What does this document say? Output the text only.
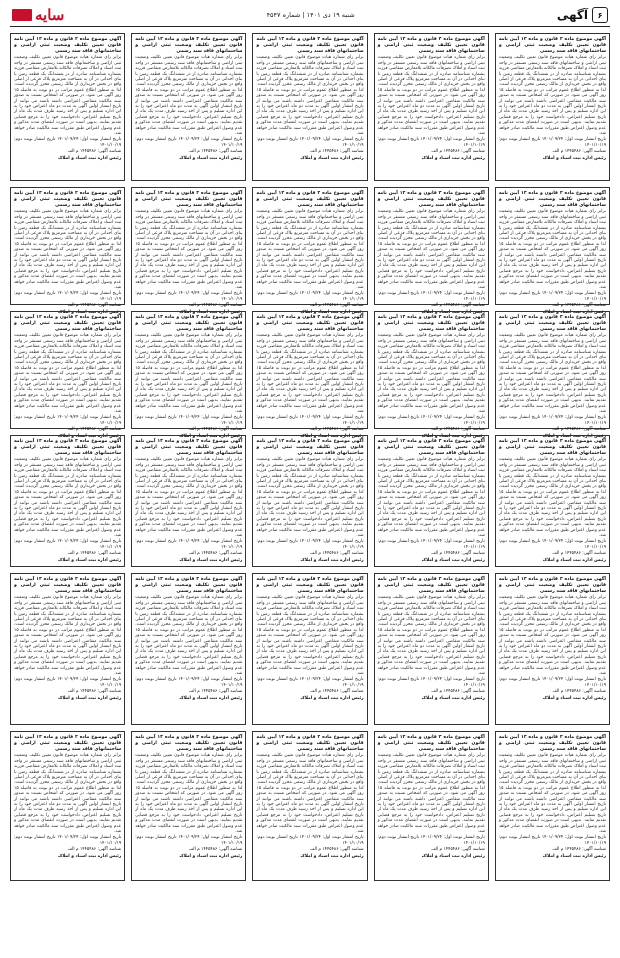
۶
آگهی
شنبه ۱۹ دی ۱۴۰۱ | شماره ۴۵۴۷
سایه
آگهی موضوع ماده ۳ قانون و ماده ۱۳ آیین نامه قانون تعیین تکلیف وضعیت ثبتی اراضی و ساختمانهای فاقد سند رسمی
برابر رای شماره هیات موضوع قانون تعیین تکلیف وضعیت ثبتی اراضی و ساختمانهای فاقد سند رسمی مستقر در واحد ثبت اسناد و املاک تصرفات مالکانه بلامعارض متقاضی فرزند بشماره شناسنامه صادره از در ششدانگ یک قطعه زمین با بنای احداثی در آن به مساحت مترمربع پلاک فرعی از اصلی واقع در بخش خریداری از مالک رسمی محرز گردیده است. لذا به منظور اطلاع عموم مراتب در دو نوبت به فاصله ۱۵ روز آگهی می شود. در صورتی که اشخاص نسبت به صدور سند مالکیت متقاضی اعتراضی داشته باشند می توانند از تاریخ انتشار اولین آگهی به مدت دو ماه اعتراض خود را به این اداره تسلیم و پس از اخذ رسید ظرف مدت یک ماه از تاریخ تسلیم اعتراض، دادخواست خود را به مرجع قضایی تقدیم نمایند. بدیهی است در صورت انقضای مدت مذکور و عدم وصول اعتراض طبق مقررات سند مالکیت صادر خواهد شد.
تاریخ انتشار نوبت اول: ۱۴۰۱/۰۹/۲۴ تاریخ انتشار نوبت دوم: ۱۴۰۱/۱۰/۱۹
شناسه آگهی: ۱۴۴۵۴۸۶ م الف
رئیس اداره ثبت اسناد و املاک
آگهی موضوع ماده ۳ قانون و ماده ۱۳ آیین نامه قانون تعیین تکلیف وضعیت ثبتی اراضی و ساختمانهای فاقد سند رسمی
برابر رای شماره هیات موضوع قانون تعیین تکلیف وضعیت ثبتی اراضی و ساختمانهای فاقد سند رسمی مستقر در واحد ثبت اسناد و املاک تصرفات مالکانه بلامعارض متقاضی فرزند بشماره شناسنامه صادره از در ششدانگ یک قطعه زمین با بنای احداثی در آن به مساحت مترمربع پلاک فرعی از اصلی واقع در بخش خریداری از مالک رسمی محرز گردیده است. لذا به منظور اطلاع عموم مراتب در دو نوبت به فاصله ۱۵ روز آگهی می شود. در صورتی که اشخاص نسبت به صدور سند مالکیت متقاضی اعتراضی داشته باشند می توانند از تاریخ انتشار اولین آگهی به مدت دو ماه اعتراض خود را به این اداره تسلیم و پس از اخذ رسید ظرف مدت یک ماه از تاریخ تسلیم اعتراض، دادخواست خود را به مرجع قضایی تقدیم نمایند. بدیهی است در صورت انقضای مدت مذکور و عدم وصول اعتراض طبق مقررات سند مالکیت صادر خواهد شد.
تاریخ انتشار نوبت اول: ۱۴۰۱/۰۹/۲۴ تاریخ انتشار نوبت دوم: ۱۴۰۱/۱۰/۱۹
شناسه آگهی: ۱۴۴۵۴۸۶ م الف
رئیس اداره ثبت اسناد و املاک
آگهی موضوع ماده ۳ قانون و ماده ۱۳ آیین نامه قانون تعیین تکلیف وضعیت ثبتی اراضی و ساختمانهای فاقد سند رسمی
برابر رای شماره هیات موضوع قانون تعیین تکلیف وضعیت ثبتی اراضی و ساختمانهای فاقد سند رسمی مستقر در واحد ثبت اسناد و املاک تصرفات مالکانه بلامعارض متقاضی فرزند بشماره شناسنامه صادره از در ششدانگ یک قطعه زمین با بنای احداثی در آن به مساحت مترمربع پلاک فرعی از اصلی واقع در بخش خریداری از مالک رسمی محرز گردیده است. لذا به منظور اطلاع عموم مراتب در دو نوبت به فاصله ۱۵ روز آگهی می شود. در صورتی که اشخاص نسبت به صدور سند مالکیت متقاضی اعتراضی داشته باشند می توانند از تاریخ انتشار اولین آگهی به مدت دو ماه اعتراض خود را به این اداره تسلیم و پس از اخذ رسید ظرف مدت یک ماه از تاریخ تسلیم اعتراض، دادخواست خود را به مرجع قضایی تقدیم نمایند. بدیهی است در صورت انقضای مدت مذکور و عدم وصول اعتراض طبق مقررات سند مالکیت صادر خواهد شد.
تاریخ انتشار نوبت اول: ۱۴۰۱/۰۹/۲۴ تاریخ انتشار نوبت دوم: ۱۴۰۱/۱۰/۱۹
شناسه آگهی: ۱۴۴۵۴۸۶ م الف
رئیس اداره ثبت اسناد و املاک
آگهی موضوع ماده ۳ قانون و ماده ۱۳ آیین نامه قانون تعیین تکلیف وضعیت ثبتی اراضی و ساختمانهای فاقد سند رسمی
برابر رای شماره هیات موضوع قانون تعیین تکلیف وضعیت ثبتی اراضی و ساختمانهای فاقد سند رسمی مستقر در واحد ثبت اسناد و املاک تصرفات مالکانه بلامعارض متقاضی فرزند بشماره شناسنامه صادره از در ششدانگ یک قطعه زمین با بنای احداثی در آن به مساحت مترمربع پلاک فرعی از اصلی واقع در بخش خریداری از مالک رسمی محرز گردیده است. لذا به منظور اطلاع عموم مراتب در دو نوبت به فاصله ۱۵ روز آگهی می شود. در صورتی که اشخاص نسبت به صدور سند مالکیت متقاضی اعتراضی داشته باشند می توانند از تاریخ انتشار اولین آگهی به مدت دو ماه اعتراض خود را به این اداره تسلیم و پس از اخذ رسید ظرف مدت یک ماه از تاریخ تسلیم اعتراض، دادخواست خود را به مرجع قضایی تقدیم نمایند. بدیهی است در صورت انقضای مدت مذکور و عدم وصول اعتراض طبق مقررات سند مالکیت صادر خواهد شد.
تاریخ انتشار نوبت اول: ۱۴۰۱/۰۹/۲۴ تاریخ انتشار نوبت دوم: ۱۴۰۱/۱۰/۱۹
شناسه آگهی: ۱۴۴۵۴۸۶ م الف
رئیس اداره ثبت اسناد و املاک
آگهی موضوع ماده ۳ قانون و ماده ۱۳ آیین نامه قانون تعیین تکلیف وضعیت ثبتی اراضی و ساختمانهای فاقد سند رسمی
برابر رای شماره هیات موضوع قانون تعیین تکلیف وضعیت ثبتی اراضی و ساختمانهای فاقد سند رسمی مستقر در واحد ثبت اسناد و املاک تصرفات مالکانه بلامعارض متقاضی فرزند بشماره شناسنامه صادره از در ششدانگ یک قطعه زمین با بنای احداثی در آن به مساحت مترمربع پلاک فرعی از اصلی واقع در بخش خریداری از مالک رسمی محرز گردیده است. لذا به منظور اطلاع عموم مراتب در دو نوبت به فاصله ۱۵ روز آگهی می شود. در صورتی که اشخاص نسبت به صدور سند مالکیت متقاضی اعتراضی داشته باشند می توانند از تاریخ انتشار اولین آگهی به مدت دو ماه اعتراض خود را به این اداره تسلیم و پس از اخذ رسید ظرف مدت یک ماه از تاریخ تسلیم اعتراض، دادخواست خود را به مرجع قضایی تقدیم نمایند. بدیهی است در صورت انقضای مدت مذکور و عدم وصول اعتراض طبق مقررات سند مالکیت صادر خواهد شد.
تاریخ انتشار نوبت اول: ۱۴۰۱/۰۹/۲۴ تاریخ انتشار نوبت دوم: ۱۴۰۱/۱۰/۱۹
شناسه آگهی: ۱۴۴۵۴۸۶ م الف
رئیس اداره ثبت اسناد و املاک
آگهی موضوع ماده ۳ قانون و ماده ۱۳ آیین نامه قانون تعیین تکلیف وضعیت ثبتی اراضی و ساختمانهای فاقد سند رسمی
برابر رای شماره هیات موضوع قانون تعیین تکلیف وضعیت ثبتی اراضی و ساختمانهای فاقد سند رسمی مستقر در واحد ثبت اسناد و املاک تصرفات مالکانه بلامعارض متقاضی فرزند بشماره شناسنامه صادره از در ششدانگ یک قطعه زمین با بنای احداثی در آن به مساحت مترمربع پلاک فرعی از اصلی واقع در بخش خریداری از مالک رسمی محرز گردیده است. لذا به منظور اطلاع عموم مراتب در دو نوبت به فاصله ۱۵ روز آگهی می شود. در صورتی که اشخاص نسبت به صدور سند مالکیت متقاضی اعتراضی داشته باشند می توانند از تاریخ انتشار اولین آگهی به مدت دو ماه اعتراض خود را به این اداره تسلیم و پس از اخذ رسید ظرف مدت یک ماه از تاریخ تسلیم اعتراض، دادخواست خود را به مرجع قضایی تقدیم نمایند. بدیهی است در صورت انقضای مدت مذکور و عدم وصول اعتراض طبق مقررات سند مالکیت صادر خواهد شد.
تاریخ انتشار نوبت اول: ۱۴۰۱/۰۹/۲۴ تاریخ انتشار نوبت دوم: ۱۴۰۱/۱۰/۱۹
شناسه آگهی: ۱۴۴۵۴۸۶ م الف
رئیس اداره ثبت اسناد و املاک
آگهی موضوع ماده ۳ قانون و ماده ۱۳ آیین نامه قانون تعیین تکلیف وضعیت ثبتی اراضی و ساختمانهای فاقد سند رسمی
برابر رای شماره هیات موضوع قانون تعیین تکلیف وضعیت ثبتی اراضی و ساختمانهای فاقد سند رسمی مستقر در واحد ثبت اسناد و املاک تصرفات مالکانه بلامعارض متقاضی فرزند بشماره شناسنامه صادره از در ششدانگ یک قطعه زمین با بنای احداثی در آن به مساحت مترمربع پلاک فرعی از اصلی واقع در بخش خریداری از مالک رسمی محرز گردیده است. لذا به منظور اطلاع عموم مراتب در دو نوبت به فاصله ۱۵ روز آگهی می شود. در صورتی که اشخاص نسبت به صدور سند مالکیت متقاضی اعتراضی داشته باشند می توانند از تاریخ انتشار اولین آگهی به مدت دو ماه اعتراض خود را به این اداره تسلیم و پس از اخذ رسید ظرف مدت یک ماه از تاریخ تسلیم اعتراض، دادخواست خود را به مرجع قضایی تقدیم نمایند. بدیهی است در صورت انقضای مدت مذکور و عدم وصول اعتراض طبق مقررات سند مالکیت صادر خواهد شد.
تاریخ انتشار نوبت اول: ۱۴۰۱/۰۹/۲۴ تاریخ انتشار نوبت دوم: ۱۴۰۱/۱۰/۱۹
شناسه آگهی: ۱۴۴۵۴۸۶ م الف
رئیس اداره ثبت اسناد و املاک
آگهی موضوع ماده ۳ قانون و ماده ۱۳ آیین نامه قانون تعیین تکلیف وضعیت ثبتی اراضی و ساختمانهای فاقد سند رسمی
برابر رای شماره هیات موضوع قانون تعیین تکلیف وضعیت ثبتی اراضی و ساختمانهای فاقد سند رسمی مستقر در واحد ثبت اسناد و املاک تصرفات مالکانه بلامعارض متقاضی فرزند بشماره شناسنامه صادره از در ششدانگ یک قطعه زمین با بنای احداثی در آن به مساحت مترمربع پلاک فرعی از اصلی واقع در بخش خریداری از مالک رسمی محرز گردیده است. لذا به منظور اطلاع عموم مراتب در دو نوبت به فاصله ۱۵ روز آگهی می شود. در صورتی که اشخاص نسبت به صدور سند مالکیت متقاضی اعتراضی داشته باشند می توانند از تاریخ انتشار اولین آگهی به مدت دو ماه اعتراض خود را به این اداره تسلیم و پس از اخذ رسید ظرف مدت یک ماه از تاریخ تسلیم اعتراض، دادخواست خود را به مرجع قضایی تقدیم نمایند. بدیهی است در صورت انقضای مدت مذکور و عدم وصول اعتراض طبق مقررات سند مالکیت صادر خواهد شد.
تاریخ انتشار نوبت اول: ۱۴۰۱/۰۹/۲۴ تاریخ انتشار نوبت دوم: ۱۴۰۱/۱۰/۱۹
شناسه آگهی: ۱۴۴۵۴۸۶ م الف
رئیس اداره ثبت اسناد و املاک
آگهی موضوع ماده ۳ قانون و ماده ۱۳ آیین نامه قانون تعیین تکلیف وضعیت ثبتی اراضی و ساختمانهای فاقد سند رسمی
برابر رای شماره هیات موضوع قانون تعیین تکلیف وضعیت ثبتی اراضی و ساختمانهای فاقد سند رسمی مستقر در واحد ثبت اسناد و املاک تصرفات مالکانه بلامعارض متقاضی فرزند بشماره شناسنامه صادره از در ششدانگ یک قطعه زمین با بنای احداثی در آن به مساحت مترمربع پلاک فرعی از اصلی واقع در بخش خریداری از مالک رسمی محرز گردیده است. لذا به منظور اطلاع عموم مراتب در دو نوبت به فاصله ۱۵ روز آگهی می شود. در صورتی که اشخاص نسبت به صدور سند مالکیت متقاضی اعتراضی داشته باشند می توانند از تاریخ انتشار اولین آگهی به مدت دو ماه اعتراض خود را به این اداره تسلیم و پس از اخذ رسید ظرف مدت یک ماه از تاریخ تسلیم اعتراض، دادخواست خود را به مرجع قضایی تقدیم نمایند. بدیهی است در صورت انقضای مدت مذکور و عدم وصول اعتراض طبق مقررات سند مالکیت صادر خواهد شد.
تاریخ انتشار نوبت اول: ۱۴۰۱/۰۹/۲۴ تاریخ انتشار نوبت دوم: ۱۴۰۱/۱۰/۱۹
شناسه آگهی: ۱۴۴۵۴۸۶ م الف
رئیس اداره ثبت اسناد و املاک
آگهی موضوع ماده ۳ قانون و ماده ۱۳ آیین نامه قانون تعیین تکلیف وضعیت ثبتی اراضی و ساختمانهای فاقد سند رسمی
برابر رای شماره هیات موضوع قانون تعیین تکلیف وضعیت ثبتی اراضی و ساختمانهای فاقد سند رسمی مستقر در واحد ثبت اسناد و املاک تصرفات مالکانه بلامعارض متقاضی فرزند بشماره شناسنامه صادره از در ششدانگ یک قطعه زمین با بنای احداثی در آن به مساحت مترمربع پلاک فرعی از اصلی واقع در بخش خریداری از مالک رسمی محرز گردیده است. لذا به منظور اطلاع عموم مراتب در دو نوبت به فاصله ۱۵ روز آگهی می شود. در صورتی که اشخاص نسبت به صدور سند مالکیت متقاضی اعتراضی داشته باشند می توانند از تاریخ انتشار اولین آگهی به مدت دو ماه اعتراض خود را به این اداره تسلیم و پس از اخذ رسید ظرف مدت یک ماه از تاریخ تسلیم اعتراض، دادخواست خود را به مرجع قضایی تقدیم نمایند. بدیهی است در صورت انقضای مدت مذکور و عدم وصول اعتراض طبق مقررات سند مالکیت صادر خواهد شد.
تاریخ انتشار نوبت اول: ۱۴۰۱/۰۹/۲۴ تاریخ انتشار نوبت دوم: ۱۴۰۱/۱۰/۱۹
شناسه آگهی: ۱۴۴۵۴۸۶ م الف
رئیس اداره ثبت اسناد و املاک
آگهی موضوع ماده ۳ قانون و ماده ۱۳ آیین نامه قانون تعیین تکلیف وضعیت ثبتی اراضی و ساختمانهای فاقد سند رسمی
برابر رای شماره هیات موضوع قانون تعیین تکلیف وضعیت ثبتی اراضی و ساختمانهای فاقد سند رسمی مستقر در واحد ثبت اسناد و املاک تصرفات مالکانه بلامعارض متقاضی فرزند بشماره شناسنامه صادره از در ششدانگ یک قطعه زمین با بنای احداثی در آن به مساحت مترمربع پلاک فرعی از اصلی واقع در بخش خریداری از مالک رسمی محرز گردیده است. لذا به منظور اطلاع عموم مراتب در دو نوبت به فاصله ۱۵ روز آگهی می شود. در صورتی که اشخاص نسبت به صدور سند مالکیت متقاضی اعتراضی داشته باشند می توانند از تاریخ انتشار اولین آگهی به مدت دو ماه اعتراض خود را به این اداره تسلیم و پس از اخذ رسید ظرف مدت یک ماه از تاریخ تسلیم اعتراض، دادخواست خود را به مرجع قضایی تقدیم نمایند. بدیهی است در صورت انقضای مدت مذکور و عدم وصول اعتراض طبق مقررات سند مالکیت صادر خواهد شد.
تاریخ انتشار نوبت اول: ۱۴۰۱/۰۹/۲۴ تاریخ انتشار نوبت دوم: ۱۴۰۱/۱۰/۱۹
شناسه آگهی: ۱۴۴۵۴۸۶ م الف
رئیس اداره ثبت اسناد و املاک
آگهی موضوع ماده ۳ قانون و ماده ۱۳ آیین نامه قانون تعیین تکلیف وضعیت ثبتی اراضی و ساختمانهای فاقد سند رسمی
برابر رای شماره هیات موضوع قانون تعیین تکلیف وضعیت ثبتی اراضی و ساختمانهای فاقد سند رسمی مستقر در واحد ثبت اسناد و املاک تصرفات مالکانه بلامعارض متقاضی فرزند بشماره شناسنامه صادره از در ششدانگ یک قطعه زمین با بنای احداثی در آن به مساحت مترمربع پلاک فرعی از اصلی واقع در بخش خریداری از مالک رسمی محرز گردیده است. لذا به منظور اطلاع عموم مراتب در دو نوبت به فاصله ۱۵ روز آگهی می شود. در صورتی که اشخاص نسبت به صدور سند مالکیت متقاضی اعتراضی داشته باشند می توانند از تاریخ انتشار اولین آگهی به مدت دو ماه اعتراض خود را به این اداره تسلیم و پس از اخذ رسید ظرف مدت یک ماه از تاریخ تسلیم اعتراض، دادخواست خود را به مرجع قضایی تقدیم نمایند. بدیهی است در صورت انقضای مدت مذکور و عدم وصول اعتراض طبق مقررات سند مالکیت صادر خواهد شد.
تاریخ انتشار نوبت اول: ۱۴۰۱/۰۹/۲۴ تاریخ انتشار نوبت دوم: ۱۴۰۱/۱۰/۱۹
شناسه آگهی: ۱۴۴۵۴۸۶ م الف
رئیس اداره ثبت اسناد و املاک
آگهی موضوع ماده ۳ قانون و ماده ۱۳ آیین نامه قانون تعیین تکلیف وضعیت ثبتی اراضی و ساختمانهای فاقد سند رسمی
برابر رای شماره هیات موضوع قانون تعیین تکلیف وضعیت ثبتی اراضی و ساختمانهای فاقد سند رسمی مستقر در واحد ثبت اسناد و املاک تصرفات مالکانه بلامعارض متقاضی فرزند بشماره شناسنامه صادره از در ششدانگ یک قطعه زمین با بنای احداثی در آن به مساحت مترمربع پلاک فرعی از اصلی واقع در بخش خریداری از مالک رسمی محرز گردیده است. لذا به منظور اطلاع عموم مراتب در دو نوبت به فاصله ۱۵ روز آگهی می شود. در صورتی که اشخاص نسبت به صدور سند مالکیت متقاضی اعتراضی داشته باشند می توانند از تاریخ انتشار اولین آگهی به مدت دو ماه اعتراض خود را به این اداره تسلیم و پس از اخذ رسید ظرف مدت یک ماه از تاریخ تسلیم اعتراض، دادخواست خود را به مرجع قضایی تقدیم نمایند. بدیهی است در صورت انقضای مدت مذکور و عدم وصول اعتراض طبق مقررات سند مالکیت صادر خواهد شد.
تاریخ انتشار نوبت اول: ۱۴۰۱/۰۹/۲۴ تاریخ انتشار نوبت دوم: ۱۴۰۱/۱۰/۱۹
شناسه آگهی: ۱۴۴۵۴۸۶ م الف
رئیس اداره ثبت اسناد و املاک
آگهی موضوع ماده ۳ قانون و ماده ۱۳ آیین نامه قانون تعیین تکلیف وضعیت ثبتی اراضی و ساختمانهای فاقد سند رسمی
برابر رای شماره هیات موضوع قانون تعیین تکلیف وضعیت ثبتی اراضی و ساختمانهای فاقد سند رسمی مستقر در واحد ثبت اسناد و املاک تصرفات مالکانه بلامعارض متقاضی فرزند بشماره شناسنامه صادره از در ششدانگ یک قطعه زمین با بنای احداثی در آن به مساحت مترمربع پلاک فرعی از اصلی واقع در بخش خریداری از مالک رسمی محرز گردیده است. لذا به منظور اطلاع عموم مراتب در دو نوبت به فاصله ۱۵ روز آگهی می شود. در صورتی که اشخاص نسبت به صدور سند مالکیت متقاضی اعتراضی داشته باشند می توانند از تاریخ انتشار اولین آگهی به مدت دو ماه اعتراض خود را به این اداره تسلیم و پس از اخذ رسید ظرف مدت یک ماه از تاریخ تسلیم اعتراض، دادخواست خود را به مرجع قضایی تقدیم نمایند. بدیهی است در صورت انقضای مدت مذکور و عدم وصول اعتراض طبق مقررات سند مالکیت صادر خواهد شد.
تاریخ انتشار نوبت اول: ۱۴۰۱/۰۹/۲۴ تاریخ انتشار نوبت دوم: ۱۴۰۱/۱۰/۱۹
شناسه آگهی: ۱۴۴۵۴۸۶ م الف
رئیس اداره ثبت اسناد و املاک
آگهی موضوع ماده ۳ قانون و ماده ۱۳ آیین نامه قانون تعیین تکلیف وضعیت ثبتی اراضی و ساختمانهای فاقد سند رسمی
برابر رای شماره هیات موضوع قانون تعیین تکلیف وضعیت ثبتی اراضی و ساختمانهای فاقد سند رسمی مستقر در واحد ثبت اسناد و املاک تصرفات مالکانه بلامعارض متقاضی فرزند بشماره شناسنامه صادره از در ششدانگ یک قطعه زمین با بنای احداثی در آن به مساحت مترمربع پلاک فرعی از اصلی واقع در بخش خریداری از مالک رسمی محرز گردیده است. لذا به منظور اطلاع عموم مراتب در دو نوبت به فاصله ۱۵ روز آگهی می شود. در صورتی که اشخاص نسبت به صدور سند مالکیت متقاضی اعتراضی داشته باشند می توانند از تاریخ انتشار اولین آگهی به مدت دو ماه اعتراض خود را به این اداره تسلیم و پس از اخذ رسید ظرف مدت یک ماه از تاریخ تسلیم اعتراض، دادخواست خود را به مرجع قضایی تقدیم نمایند. بدیهی است در صورت انقضای مدت مذکور و عدم وصول اعتراض طبق مقررات سند مالکیت صادر خواهد شد.
تاریخ انتشار نوبت اول: ۱۴۰۱/۰۹/۲۴ تاریخ انتشار نوبت دوم: ۱۴۰۱/۱۰/۱۹
شناسه آگهی: ۱۴۴۵۴۸۶ م الف
رئیس اداره ثبت اسناد و املاک
آگهی موضوع ماده ۳ قانون و ماده ۱۳ آیین نامه قانون تعیین تکلیف وضعیت ثبتی اراضی و ساختمانهای فاقد سند رسمی
برابر رای شماره هیات موضوع قانون تعیین تکلیف وضعیت ثبتی اراضی و ساختمانهای فاقد سند رسمی مستقر در واحد ثبت اسناد و املاک تصرفات مالکانه بلامعارض متقاضی فرزند بشماره شناسنامه صادره از در ششدانگ یک قطعه زمین با بنای احداثی در آن به مساحت مترمربع پلاک فرعی از اصلی واقع در بخش خریداری از مالک رسمی محرز گردیده است. لذا به منظور اطلاع عموم مراتب در دو نوبت به فاصله ۱۵ روز آگهی می شود. در صورتی که اشخاص نسبت به صدور سند مالکیت متقاضی اعتراضی داشته باشند می توانند از تاریخ انتشار اولین آگهی به مدت دو ماه اعتراض خود را به این اداره تسلیم و پس از اخذ رسید ظرف مدت یک ماه از تاریخ تسلیم اعتراض، دادخواست خود را به مرجع قضایی تقدیم نمایند. بدیهی است در صورت انقضای مدت مذکور و عدم وصول اعتراض طبق مقررات سند مالکیت صادر خواهد شد.
تاریخ انتشار نوبت اول: ۱۴۰۱/۰۹/۲۴ تاریخ انتشار نوبت دوم: ۱۴۰۱/۱۰/۱۹
شناسه آگهی: ۱۴۴۵۴۸۶ م الف
رئیس اداره ثبت اسناد و املاک
آگهی موضوع ماده ۳ قانون و ماده ۱۳ آیین نامه قانون تعیین تکلیف وضعیت ثبتی اراضی و ساختمانهای فاقد سند رسمی
برابر رای شماره هیات موضوع قانون تعیین تکلیف وضعیت ثبتی اراضی و ساختمانهای فاقد سند رسمی مستقر در واحد ثبت اسناد و املاک تصرفات مالکانه بلامعارض متقاضی فرزند بشماره شناسنامه صادره از در ششدانگ یک قطعه زمین با بنای احداثی در آن به مساحت مترمربع پلاک فرعی از اصلی واقع در بخش خریداری از مالک رسمی محرز گردیده است. لذا به منظور اطلاع عموم مراتب در دو نوبت به فاصله ۱۵ روز آگهی می شود. در صورتی که اشخاص نسبت به صدور سند مالکیت متقاضی اعتراضی داشته باشند می توانند از تاریخ انتشار اولین آگهی به مدت دو ماه اعتراض خود را به این اداره تسلیم و پس از اخذ رسید ظرف مدت یک ماه از تاریخ تسلیم اعتراض، دادخواست خود را به مرجع قضایی تقدیم نمایند. بدیهی است در صورت انقضای مدت مذکور و عدم وصول اعتراض طبق مقررات سند مالکیت صادر خواهد شد.
تاریخ انتشار نوبت اول: ۱۴۰۱/۰۹/۲۴ تاریخ انتشار نوبت دوم: ۱۴۰۱/۱۰/۱۹
شناسه آگهی: ۱۴۴۵۴۸۶ م الف
رئیس اداره ثبت اسناد و املاک
آگهی موضوع ماده ۳ قانون و ماده ۱۳ آیین نامه قانون تعیین تکلیف وضعیت ثبتی اراضی و ساختمانهای فاقد سند رسمی
برابر رای شماره هیات موضوع قانون تعیین تکلیف وضعیت ثبتی اراضی و ساختمانهای فاقد سند رسمی مستقر در واحد ثبت اسناد و املاک تصرفات مالکانه بلامعارض متقاضی فرزند بشماره شناسنامه صادره از در ششدانگ یک قطعه زمین با بنای احداثی در آن به مساحت مترمربع پلاک فرعی از اصلی واقع در بخش خریداری از مالک رسمی محرز گردیده است. لذا به منظور اطلاع عموم مراتب در دو نوبت به فاصله ۱۵ روز آگهی می شود. در صورتی که اشخاص نسبت به صدور سند مالکیت متقاضی اعتراضی داشته باشند می توانند از تاریخ انتشار اولین آگهی به مدت دو ماه اعتراض خود را به این اداره تسلیم و پس از اخذ رسید ظرف مدت یک ماه از تاریخ تسلیم اعتراض، دادخواست خود را به مرجع قضایی تقدیم نمایند. بدیهی است در صورت انقضای مدت مذکور و عدم وصول اعتراض طبق مقررات سند مالکیت صادر خواهد شد.
تاریخ انتشار نوبت اول: ۱۴۰۱/۰۹/۲۴ تاریخ انتشار نوبت دوم: ۱۴۰۱/۱۰/۱۹
شناسه آگهی: ۱۴۴۵۴۸۶ م الف
رئیس اداره ثبت اسناد و املاک
آگهی موضوع ماده ۳ قانون و ماده ۱۳ آیین نامه قانون تعیین تکلیف وضعیت ثبتی اراضی و ساختمانهای فاقد سند رسمی
برابر رای شماره هیات موضوع قانون تعیین تکلیف وضعیت ثبتی اراضی و ساختمانهای فاقد سند رسمی مستقر در واحد ثبت اسناد و املاک تصرفات مالکانه بلامعارض متقاضی فرزند بشماره شناسنامه صادره از در ششدانگ یک قطعه زمین با بنای احداثی در آن به مساحت مترمربع پلاک فرعی از اصلی واقع در بخش خریداری از مالک رسمی محرز گردیده است. لذا به منظور اطلاع عموم مراتب در دو نوبت به فاصله ۱۵ روز آگهی می شود. در صورتی که اشخاص نسبت به صدور سند مالکیت متقاضی اعتراضی داشته باشند می توانند از تاریخ انتشار اولین آگهی به مدت دو ماه اعتراض خود را به این اداره تسلیم و پس از اخذ رسید ظرف مدت یک ماه از تاریخ تسلیم اعتراض، دادخواست خود را به مرجع قضایی تقدیم نمایند. بدیهی است در صورت انقضای مدت مذکور و عدم وصول اعتراض طبق مقررات سند مالکیت صادر خواهد شد.
تاریخ انتشار نوبت اول: ۱۴۰۱/۰۹/۲۴ تاریخ انتشار نوبت دوم: ۱۴۰۱/۱۰/۱۹
شناسه آگهی: ۱۴۴۵۴۸۶ م الف
رئیس اداره ثبت اسناد و املاک
آگهی موضوع ماده ۳ قانون و ماده ۱۳ آیین نامه قانون تعیین تکلیف وضعیت ثبتی اراضی و ساختمانهای فاقد سند رسمی
برابر رای شماره هیات موضوع قانون تعیین تکلیف وضعیت ثبتی اراضی و ساختمانهای فاقد سند رسمی مستقر در واحد ثبت اسناد و املاک تصرفات مالکانه بلامعارض متقاضی فرزند بشماره شناسنامه صادره از در ششدانگ یک قطعه زمین با بنای احداثی در آن به مساحت مترمربع پلاک فرعی از اصلی واقع در بخش خریداری از مالک رسمی محرز گردیده است. لذا به منظور اطلاع عموم مراتب در دو نوبت به فاصله ۱۵ روز آگهی می شود. در صورتی که اشخاص نسبت به صدور سند مالکیت متقاضی اعتراضی داشته باشند می توانند از تاریخ انتشار اولین آگهی به مدت دو ماه اعتراض خود را به این اداره تسلیم و پس از اخذ رسید ظرف مدت یک ماه از تاریخ تسلیم اعتراض، دادخواست خود را به مرجع قضایی تقدیم نمایند. بدیهی است در صورت انقضای مدت مذکور و عدم وصول اعتراض طبق مقررات سند مالکیت صادر خواهد شد.
تاریخ انتشار نوبت اول: ۱۴۰۱/۰۹/۲۴ تاریخ انتشار نوبت دوم: ۱۴۰۱/۱۰/۱۹
شناسه آگهی: ۱۴۴۵۴۸۶ م الف
رئیس اداره ثبت اسناد و املاک
آگهی موضوع ماده ۳ قانون و ماده ۱۳ آیین نامه قانون تعیین تکلیف وضعیت ثبتی اراضی و ساختمانهای فاقد سند رسمی
برابر رای شماره هیات موضوع قانون تعیین تکلیف وضعیت ثبتی اراضی و ساختمانهای فاقد سند رسمی مستقر در واحد ثبت اسناد و املاک تصرفات مالکانه بلامعارض متقاضی فرزند بشماره شناسنامه صادره از در ششدانگ یک قطعه زمین با بنای احداثی در آن به مساحت مترمربع پلاک فرعی از اصلی واقع در بخش خریداری از مالک رسمی محرز گردیده است. لذا به منظور اطلاع عموم مراتب در دو نوبت به فاصله ۱۵ روز آگهی می شود. در صورتی که اشخاص نسبت به صدور سند مالکیت متقاضی اعتراضی داشته باشند می توانند از تاریخ انتشار اولین آگهی به مدت دو ماه اعتراض خود را به این اداره تسلیم و پس از اخذ رسید ظرف مدت یک ماه از تاریخ تسلیم اعتراض، دادخواست خود را به مرجع قضایی تقدیم نمایند. بدیهی است در صورت انقضای مدت مذکور و عدم وصول اعتراض طبق مقررات سند مالکیت صادر خواهد شد.
تاریخ انتشار نوبت اول: ۱۴۰۱/۰۹/۲۴ تاریخ انتشار نوبت دوم: ۱۴۰۱/۱۰/۱۹
شناسه آگهی: ۱۴۴۵۴۸۶ م الف
رئیس اداره ثبت اسناد و املاک
آگهی موضوع ماده ۳ قانون و ماده ۱۳ آیین نامه قانون تعیین تکلیف وضعیت ثبتی اراضی و ساختمانهای فاقد سند رسمی
برابر رای شماره هیات موضوع قانون تعیین تکلیف وضعیت ثبتی اراضی و ساختمانهای فاقد سند رسمی مستقر در واحد ثبت اسناد و املاک تصرفات مالکانه بلامعارض متقاضی فرزند بشماره شناسنامه صادره از در ششدانگ یک قطعه زمین با بنای احداثی در آن به مساحت مترمربع پلاک فرعی از اصلی واقع در بخش خریداری از مالک رسمی محرز گردیده است. لذا به منظور اطلاع عموم مراتب در دو نوبت به فاصله ۱۵ روز آگهی می شود. در صورتی که اشخاص نسبت به صدور سند مالکیت متقاضی اعتراضی داشته باشند می توانند از تاریخ انتشار اولین آگهی به مدت دو ماه اعتراض خود را به این اداره تسلیم و پس از اخذ رسید ظرف مدت یک ماه از تاریخ تسلیم اعتراض، دادخواست خود را به مرجع قضایی تقدیم نمایند. بدیهی است در صورت انقضای مدت مذکور و عدم وصول اعتراض طبق مقررات سند مالکیت صادر خواهد شد.
تاریخ انتشار نوبت اول: ۱۴۰۱/۰۹/۲۴ تاریخ انتشار نوبت دوم: ۱۴۰۱/۱۰/۱۹
شناسه آگهی: ۱۴۴۵۴۸۶ م الف
رئیس اداره ثبت اسناد و املاک
آگهی موضوع ماده ۳ قانون و ماده ۱۳ آیین نامه قانون تعیین تکلیف وضعیت ثبتی اراضی و ساختمانهای فاقد سند رسمی
برابر رای شماره هیات موضوع قانون تعیین تکلیف وضعیت ثبتی اراضی و ساختمانهای فاقد سند رسمی مستقر در واحد ثبت اسناد و املاک تصرفات مالکانه بلامعارض متقاضی فرزند بشماره شناسنامه صادره از در ششدانگ یک قطعه زمین با بنای احداثی در آن به مساحت مترمربع پلاک فرعی از اصلی واقع در بخش خریداری از مالک رسمی محرز گردیده است. لذا به منظور اطلاع عموم مراتب در دو نوبت به فاصله ۱۵ روز آگهی می شود. در صورتی که اشخاص نسبت به صدور سند مالکیت متقاضی اعتراضی داشته باشند می توانند از تاریخ انتشار اولین آگهی به مدت دو ماه اعتراض خود را به این اداره تسلیم و پس از اخذ رسید ظرف مدت یک ماه از تاریخ تسلیم اعتراض، دادخواست خود را به مرجع قضایی تقدیم نمایند. بدیهی است در صورت انقضای مدت مذکور و عدم وصول اعتراض طبق مقررات سند مالکیت صادر خواهد شد.
تاریخ انتشار نوبت اول: ۱۴۰۱/۰۹/۲۴ تاریخ انتشار نوبت دوم: ۱۴۰۱/۱۰/۱۹
شناسه آگهی: ۱۴۴۵۴۸۶ م الف
رئیس اداره ثبت اسناد و املاک
آگهی موضوع ماده ۳ قانون و ماده ۱۳ آیین نامه قانون تعیین تکلیف وضعیت ثبتی اراضی و ساختمانهای فاقد سند رسمی
برابر رای شماره هیات موضوع قانون تعیین تکلیف وضعیت ثبتی اراضی و ساختمانهای فاقد سند رسمی مستقر در واحد ثبت اسناد و املاک تصرفات مالکانه بلامعارض متقاضی فرزند بشماره شناسنامه صادره از در ششدانگ یک قطعه زمین با بنای احداثی در آن به مساحت مترمربع پلاک فرعی از اصلی واقع در بخش خریداری از مالک رسمی محرز گردیده است. لذا به منظور اطلاع عموم مراتب در دو نوبت به فاصله ۱۵ روز آگهی می شود. در صورتی که اشخاص نسبت به صدور سند مالکیت متقاضی اعتراضی داشته باشند می توانند از تاریخ انتشار اولین آگهی به مدت دو ماه اعتراض خود را به این اداره تسلیم و پس از اخذ رسید ظرف مدت یک ماه از تاریخ تسلیم اعتراض، دادخواست خود را به مرجع قضایی تقدیم نمایند. بدیهی است در صورت انقضای مدت مذکور و عدم وصول اعتراض طبق مقررات سند مالکیت صادر خواهد شد.
تاریخ انتشار نوبت اول: ۱۴۰۱/۰۹/۲۴ تاریخ انتشار نوبت دوم: ۱۴۰۱/۱۰/۱۹
شناسه آگهی: ۱۴۴۵۴۸۶ م الف
رئیس اداره ثبت اسناد و املاک
آگهی موضوع ماده ۳ قانون و ماده ۱۳ آیین نامه قانون تعیین تکلیف وضعیت ثبتی اراضی و ساختمانهای فاقد سند رسمی
برابر رای شماره هیات موضوع قانون تعیین تکلیف وضعیت ثبتی اراضی و ساختمانهای فاقد سند رسمی مستقر در واحد ثبت اسناد و املاک تصرفات مالکانه بلامعارض متقاضی فرزند بشماره شناسنامه صادره از در ششدانگ یک قطعه زمین با بنای احداثی در آن به مساحت مترمربع پلاک فرعی از اصلی واقع در بخش خریداری از مالک رسمی محرز گردیده است. لذا به منظور اطلاع عموم مراتب در دو نوبت به فاصله ۱۵ روز آگهی می شود. در صورتی که اشخاص نسبت به صدور سند مالکیت متقاضی اعتراضی داشته باشند می توانند از تاریخ انتشار اولین آگهی به مدت دو ماه اعتراض خود را به این اداره تسلیم و پس از اخذ رسید ظرف مدت یک ماه از تاریخ تسلیم اعتراض، دادخواست خود را به مرجع قضایی تقدیم نمایند. بدیهی است در صورت انقضای مدت مذکور و عدم وصول اعتراض طبق مقررات سند مالکیت صادر خواهد شد.
تاریخ انتشار نوبت اول: ۱۴۰۱/۰۹/۲۴ تاریخ انتشار نوبت دوم: ۱۴۰۱/۱۰/۱۹
شناسه آگهی: ۱۴۴۵۴۸۶ م الف
رئیس اداره ثبت اسناد و املاک
آگهی موضوع ماده ۳ قانون و ماده ۱۳ آیین نامه قانون تعیین تکلیف وضعیت ثبتی اراضی و ساختمانهای فاقد سند رسمی
برابر رای شماره هیات موضوع قانون تعیین تکلیف وضعیت ثبتی اراضی و ساختمانهای فاقد سند رسمی مستقر در واحد ثبت اسناد و املاک تصرفات مالکانه بلامعارض متقاضی فرزند بشماره شناسنامه صادره از در ششدانگ یک قطعه زمین با بنای احداثی در آن به مساحت مترمربع پلاک فرعی از اصلی واقع در بخش خریداری از مالک رسمی محرز گردیده است. لذا به منظور اطلاع عموم مراتب در دو نوبت به فاصله ۱۵ روز آگهی می شود. در صورتی که اشخاص نسبت به صدور سند مالکیت متقاضی اعتراضی داشته باشند می توانند از تاریخ انتشار اولین آگهی به مدت دو ماه اعتراض خود را به این اداره تسلیم و پس از اخذ رسید ظرف مدت یک ماه از تاریخ تسلیم اعتراض، دادخواست خود را به مرجع قضایی تقدیم نمایند. بدیهی است در صورت انقضای مدت مذکور و عدم وصول اعتراض طبق مقررات سند مالکیت صادر خواهد شد.
تاریخ انتشار نوبت اول: ۱۴۰۱/۰۹/۲۴ تاریخ انتشار نوبت دوم: ۱۴۰۱/۱۰/۱۹
شناسه آگهی: ۱۴۴۵۴۸۶ م الف
رئیس اداره ثبت اسناد و املاک
آگهی موضوع ماده ۳ قانون و ماده ۱۳ آیین نامه قانون تعیین تکلیف وضعیت ثبتی اراضی و ساختمانهای فاقد سند رسمی
برابر رای شماره هیات موضوع قانون تعیین تکلیف وضعیت ثبتی اراضی و ساختمانهای فاقد سند رسمی مستقر در واحد ثبت اسناد و املاک تصرفات مالکانه بلامعارض متقاضی فرزند بشماره شناسنامه صادره از در ششدانگ یک قطعه زمین با بنای احداثی در آن به مساحت مترمربع پلاک فرعی از اصلی واقع در بخش خریداری از مالک رسمی محرز گردیده است. لذا به منظور اطلاع عموم مراتب در دو نوبت به فاصله ۱۵ روز آگهی می شود. در صورتی که اشخاص نسبت به صدور سند مالکیت متقاضی اعتراضی داشته باشند می توانند از تاریخ انتشار اولین آگهی به مدت دو ماه اعتراض خود را به این اداره تسلیم و پس از اخذ رسید ظرف مدت یک ماه از تاریخ تسلیم اعتراض، دادخواست خود را به مرجع قضایی تقدیم نمایند. بدیهی است در صورت انقضای مدت مذکور و عدم وصول اعتراض طبق مقررات سند مالکیت صادر خواهد شد.
تاریخ انتشار نوبت اول: ۱۴۰۱/۰۹/۲۴ تاریخ انتشار نوبت دوم: ۱۴۰۱/۱۰/۱۹
شناسه آگهی: ۱۴۴۵۴۸۶ م الف
رئیس اداره ثبت اسناد و املاک
آگهی موضوع ماده ۳ قانون و ماده ۱۳ آیین نامه قانون تعیین تکلیف وضعیت ثبتی اراضی و ساختمانهای فاقد سند رسمی
برابر رای شماره هیات موضوع قانون تعیین تکلیف وضعیت ثبتی اراضی و ساختمانهای فاقد سند رسمی مستقر در واحد ثبت اسناد و املاک تصرفات مالکانه بلامعارض متقاضی فرزند بشماره شناسنامه صادره از در ششدانگ یک قطعه زمین با بنای احداثی در آن به مساحت مترمربع پلاک فرعی از اصلی واقع در بخش خریداری از مالک رسمی محرز گردیده است. لذا به منظور اطلاع عموم مراتب در دو نوبت به فاصله ۱۵ روز آگهی می شود. در صورتی که اشخاص نسبت به صدور سند مالکیت متقاضی اعتراضی داشته باشند می توانند از تاریخ انتشار اولین آگهی به مدت دو ماه اعتراض خود را به این اداره تسلیم و پس از اخذ رسید ظرف مدت یک ماه از تاریخ تسلیم اعتراض، دادخواست خود را به مرجع قضایی تقدیم نمایند. بدیهی است در صورت انقضای مدت مذکور و عدم وصول اعتراض طبق مقررات سند مالکیت صادر خواهد شد.
تاریخ انتشار نوبت اول: ۱۴۰۱/۰۹/۲۴ تاریخ انتشار نوبت دوم: ۱۴۰۱/۱۰/۱۹
شناسه آگهی: ۱۴۴۵۴۸۶ م الف
رئیس اداره ثبت اسناد و املاک
آگهی موضوع ماده ۳ قانون و ماده ۱۳ آیین نامه قانون تعیین تکلیف وضعیت ثبتی اراضی و ساختمانهای فاقد سند رسمی
برابر رای شماره هیات موضوع قانون تعیین تکلیف وضعیت ثبتی اراضی و ساختمانهای فاقد سند رسمی مستقر در واحد ثبت اسناد و املاک تصرفات مالکانه بلامعارض متقاضی فرزند بشماره شناسنامه صادره از در ششدانگ یک قطعه زمین با بنای احداثی در آن به مساحت مترمربع پلاک فرعی از اصلی واقع در بخش خریداری از مالک رسمی محرز گردیده است. لذا به منظور اطلاع عموم مراتب در دو نوبت به فاصله ۱۵ روز آگهی می شود. در صورتی که اشخاص نسبت به صدور سند مالکیت متقاضی اعتراضی داشته باشند می توانند از تاریخ انتشار اولین آگهی به مدت دو ماه اعتراض خود را به این اداره تسلیم و پس از اخذ رسید ظرف مدت یک ماه از تاریخ تسلیم اعتراض، دادخواست خود را به مرجع قضایی تقدیم نمایند. بدیهی است در صورت انقضای مدت مذکور و عدم وصول اعتراض طبق مقررات سند مالکیت صادر خواهد شد.
تاریخ انتشار نوبت اول: ۱۴۰۱/۰۹/۲۴ تاریخ انتشار نوبت دوم: ۱۴۰۱/۱۰/۱۹
شناسه آگهی: ۱۴۴۵۴۸۶ م الف
رئیس اداره ثبت اسناد و املاک
آگهی موضوع ماده ۳ قانون و ماده ۱۳ آیین نامه قانون تعیین تکلیف وضعیت ثبتی اراضی و ساختمانهای فاقد سند رسمی
برابر رای شماره هیات موضوع قانون تعیین تکلیف وضعیت ثبتی اراضی و ساختمانهای فاقد سند رسمی مستقر در واحد ثبت اسناد و املاک تصرفات مالکانه بلامعارض متقاضی فرزند بشماره شناسنامه صادره از در ششدانگ یک قطعه زمین با بنای احداثی در آن به مساحت مترمربع پلاک فرعی از اصلی واقع در بخش خریداری از مالک رسمی محرز گردیده است. لذا به منظور اطلاع عموم مراتب در دو نوبت به فاصله ۱۵ روز آگهی می شود. در صورتی که اشخاص نسبت به صدور سند مالکیت متقاضی اعتراضی داشته باشند می توانند از تاریخ انتشار اولین آگهی به مدت دو ماه اعتراض خود را به این اداره تسلیم و پس از اخذ رسید ظرف مدت یک ماه از تاریخ تسلیم اعتراض، دادخواست خود را به مرجع قضایی تقدیم نمایند. بدیهی است در صورت انقضای مدت مذکور و عدم وصول اعتراض طبق مقررات سند مالکیت صادر خواهد شد.
تاریخ انتشار نوبت اول: ۱۴۰۱/۰۹/۲۴ تاریخ انتشار نوبت دوم: ۱۴۰۱/۱۰/۱۹
شناسه آگهی: ۱۴۴۵۴۸۶ م الف
رئیس اداره ثبت اسناد و املاک
